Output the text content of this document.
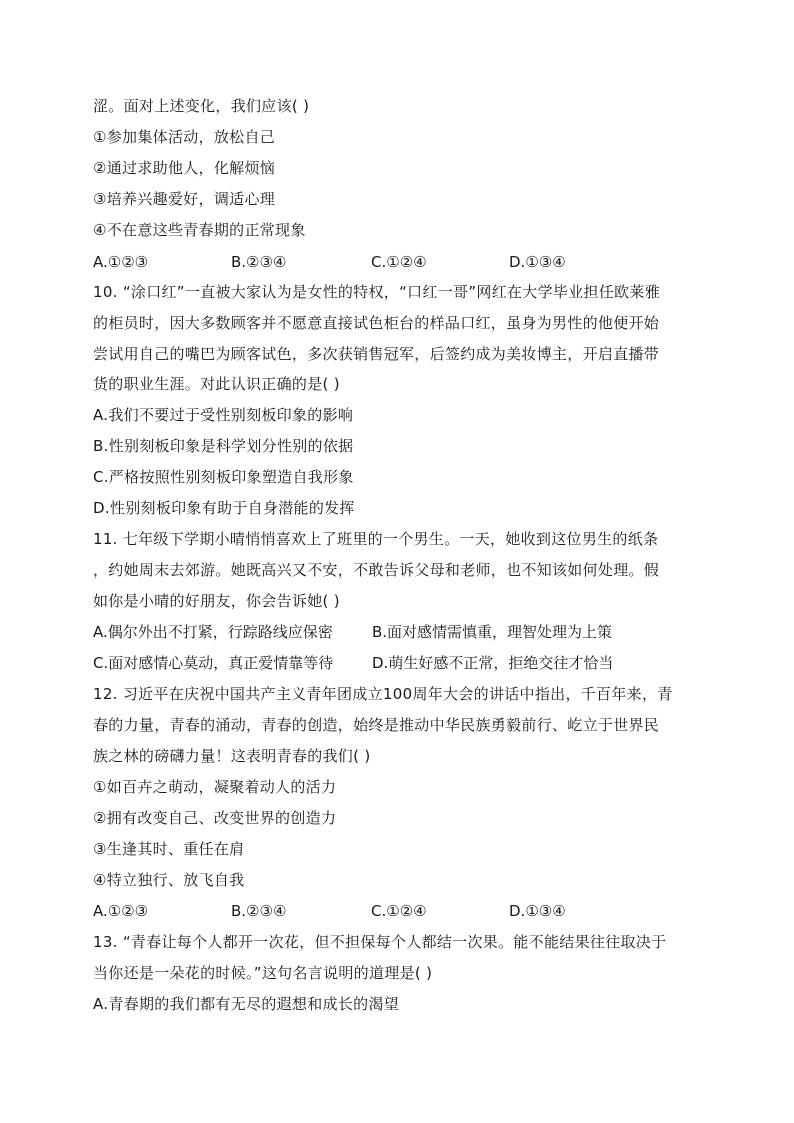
涩。面对上述变化，我们应该( )
①参加集体活动，放松自己
②通过求助他人，化解烦恼
③培养兴趣爱好，调适心理
④不在意这些青春期的正常现象
A.①②③	B.②③④	C.①②④	D.①③④
10. “涂口红”一直被大家认为是女性的特权，“口红一哥”网红在大学毕业担任欧莱雅
的柜员时，因大多数顾客并不愿意直接试色柜台的样品口红，虽身为男性的他便开始
尝试用自己的嘴巴为顾客试色，多次获销售冠军，后签约成为美妆博主，开启直播带
货的职业生涯。对此认识正确的是( )
A.我们不要过于受性别刻板印象的影响
B.性别刻板印象是科学划分性别的依据
C.严格按照性别刻板印象塑造自我形象
D.性别刻板印象有助于自身潜能的发挥
11. 七年级下学期小晴悄悄喜欢上了班里的一个男生。一天，她收到这位男生的纸条
，约她周末去郊游。她既高兴又不安，不敢告诉父母和老师，也不知该如何处理。假
如你是小晴的好朋友，你会告诉她( )
A.偶尔外出不打紧，行踪路线应保密	B.面对感情需慎重，理智处理为上策
C.面对感情心莫动，真正爱情靠等待	D.萌生好感不正常，拒绝交往才恰当
12. 习近平在庆祝中国共产主义青年团成立100周年大会的讲话中指出，千百年来，青
春的力量，青春的涌动，青春的创造，始终是推动中华民族勇毅前行、屹立于世界民
族之林的磅礴力量！这表明青春的我们( )
①如百卉之萌动，凝聚着动人的活力
②拥有改变自己、改变世界的创造力
③生逢其时、重任在肩
④特立独行、放飞自我
A.①②③	B.②③④	C.①②④	D.①③④
13. “青春让每个人都开一次花，但不担保每个人都结一次果。能不能结果往往取决于
当你还是一朵花的时候。”这句名言说明的道理是( )
A.青春期的我们都有无尽的遐想和成长的渴望
